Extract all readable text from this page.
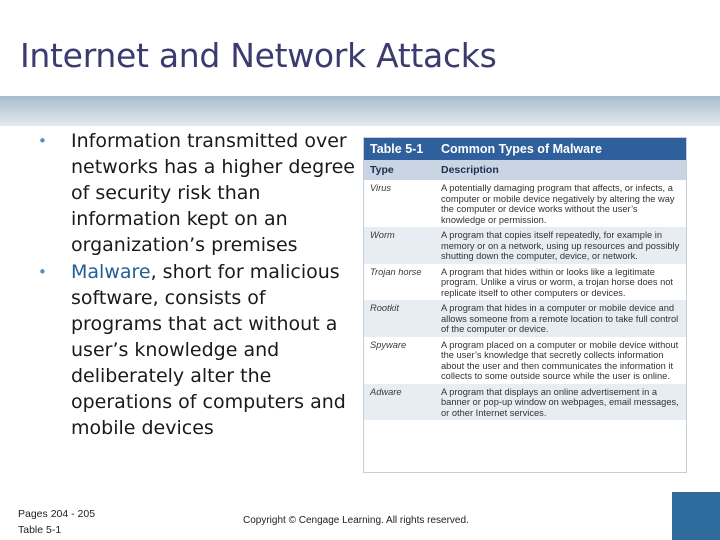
Internet and Network Attacks
• Information transmitted over networks has a higher degree of security risk than information kept on an organization’s premises
• Malware, short for malicious software, consists of programs that act without a user’s knowledge and deliberately alter the operations of computers and mobile devices
Table 5-1	Common Types of Malware
Type	Description
Virus	A potentially damaging program that affects, or infects, a computer or mobile device negatively by altering the way the computer or device works without the user’s knowledge or permission.
Worm	A program that copies itself repeatedly, for example in memory or on a network, using up resources and possibly shutting down the computer, device, or network.
Trojan horse	A program that hides within or looks like a legitimate program. Unlike a virus or worm, a trojan horse does not replicate itself to other computers or devices.
Rootkit	A program that hides in a computer or mobile device and allows someone from a remote location to take full control of the computer or device.
Spyware	A program placed on a computer or mobile device without the user’s knowledge that secretly collects information about the user and then communicates the information it collects to some outside source while the user is online.
Adware	A program that displays an online advertisement in a banner or pop-up window on webpages, email messages, or other Internet services.
Pages 204 - 205
Table 5-1
Copyright © Cengage Learning. All rights reserved.
